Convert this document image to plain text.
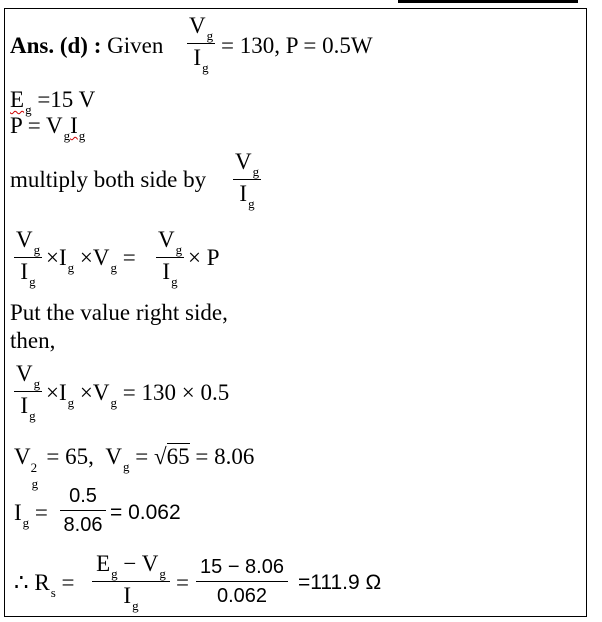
Ans. (d) : Given
$V_g$
$I_g$
= 130, P = 0.5W
$E_g =15$ V
$P = V_gI_g$
multiply both side by
$V_g$
$I_g$
$V_g$
$I_g$
$\times I_g \times V_g$ =
$V_g$
$I_g$
× P
Put the value right side,
then,
$V_g$
$I_g$
$\times I_g \times V_g = 130 \times 0.5$
V 2
g
= 65, $V_g = √65 = 8.06$
$I_g$ =
0.5
8.06
= 0.062
∴ $R_s$ =
$E_g - V_g$
$I_g$
=
15 − 8.06
0.062
=111.9 Ω
